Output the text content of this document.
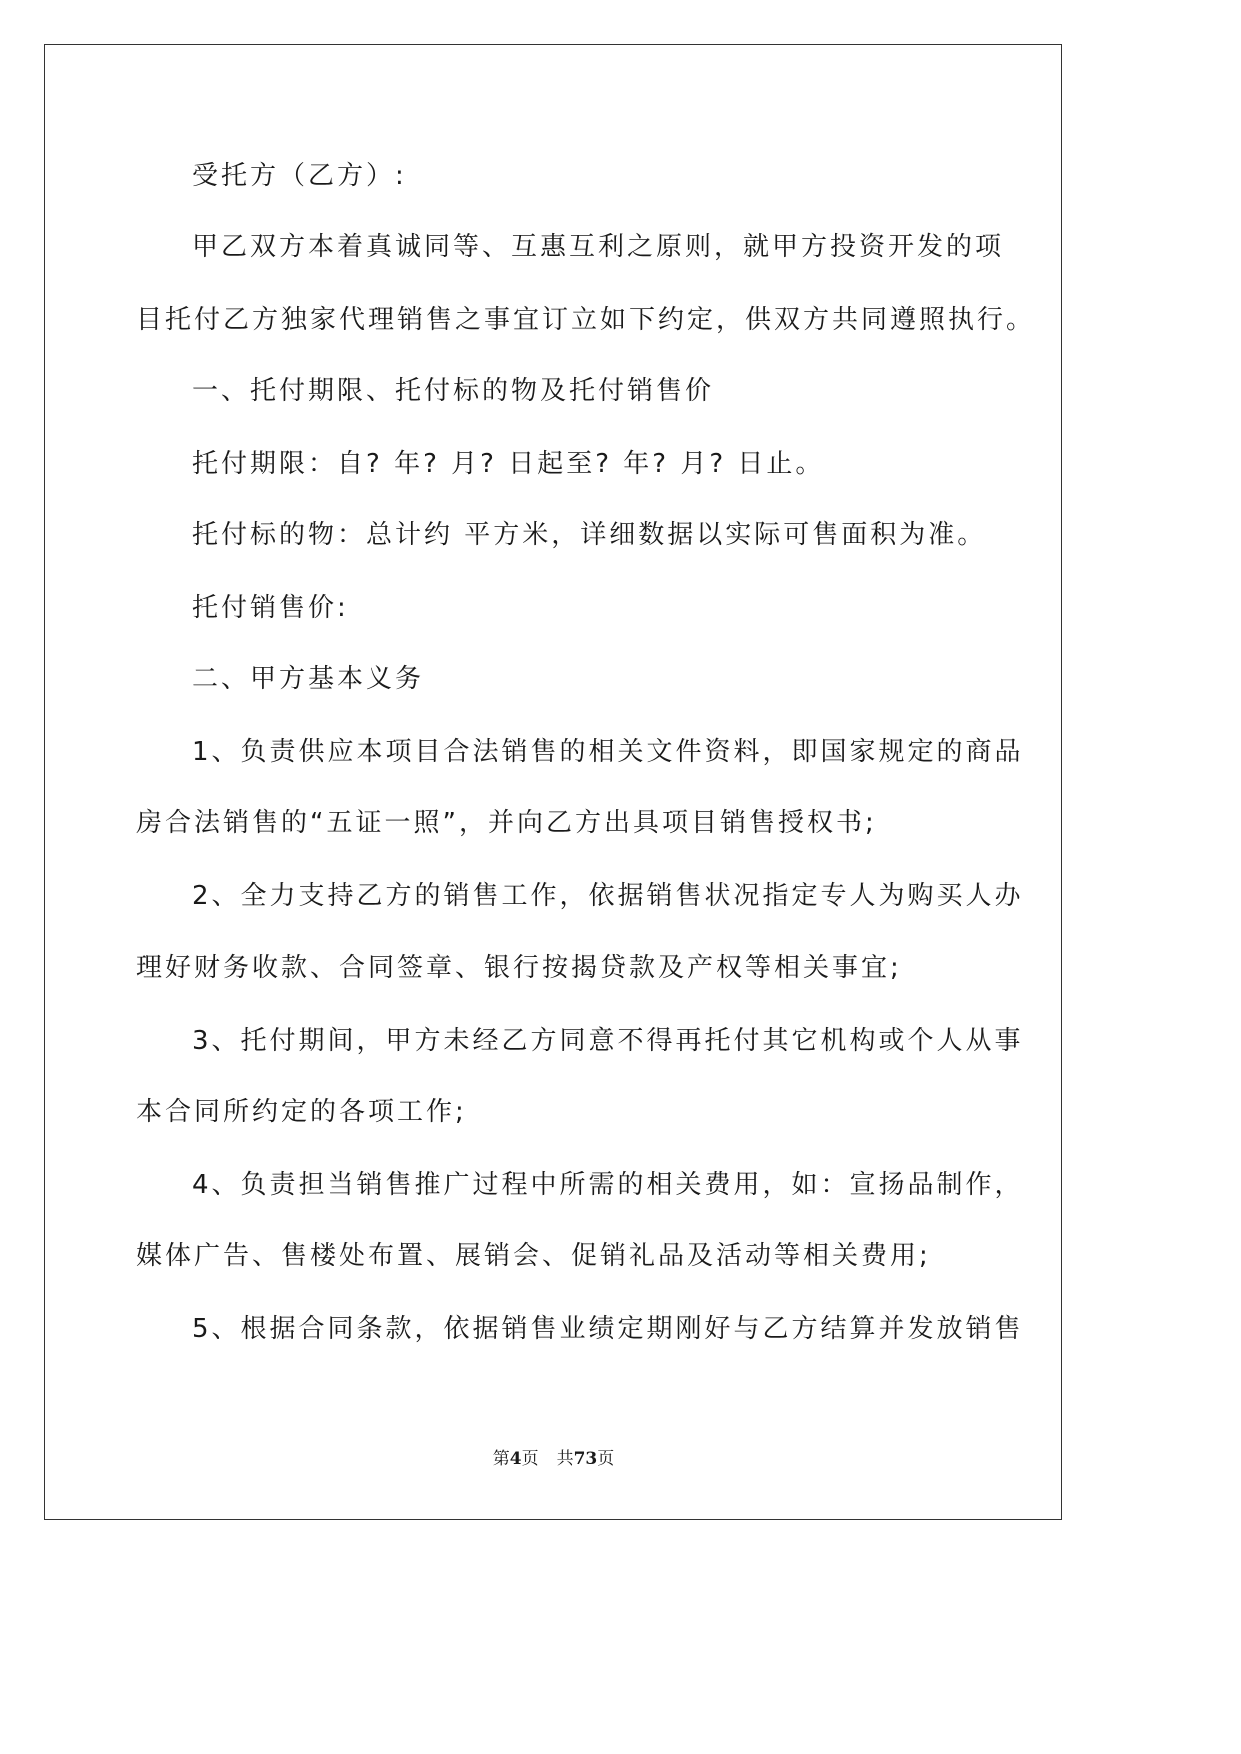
受托方（乙方）:
甲乙双方本着真诚同等、互惠互利之原则，就甲方投资开发的项
目托付乙方独家代理销售之事宜订立如下约定，供双方共同遵照执行。
一、托付期限、托付标的物及托付销售价
托付期限：自? 年? 月? 日起至? 年? 月? 日止。
托付标的物：总计约 平方米，详细数据以实际可售面积为准。
托付销售价:
二、甲方基本义务
1、负责供应本项目合法销售的相关文件资料，即国家规定的商品
房合法销售的“五证一照”，并向乙方出具项目销售授权书;
2、全力支持乙方的销售工作，依据销售状况指定专人为购买人办
理好财务收款、合同签章、银行按揭贷款及产权等相关事宜;
3、托付期间，甲方未经乙方同意不得再托付其它机构或个人从事
本合同所约定的各项工作;
4、负责担当销售推广过程中所需的相关费用，如：宣扬品制作，
媒体广告、售楼处布置、展销会、促销礼品及活动等相关费用;
5、根据合同条款，依据销售业绩定期刚好与乙方结算并发放销售
第4页 共73页
